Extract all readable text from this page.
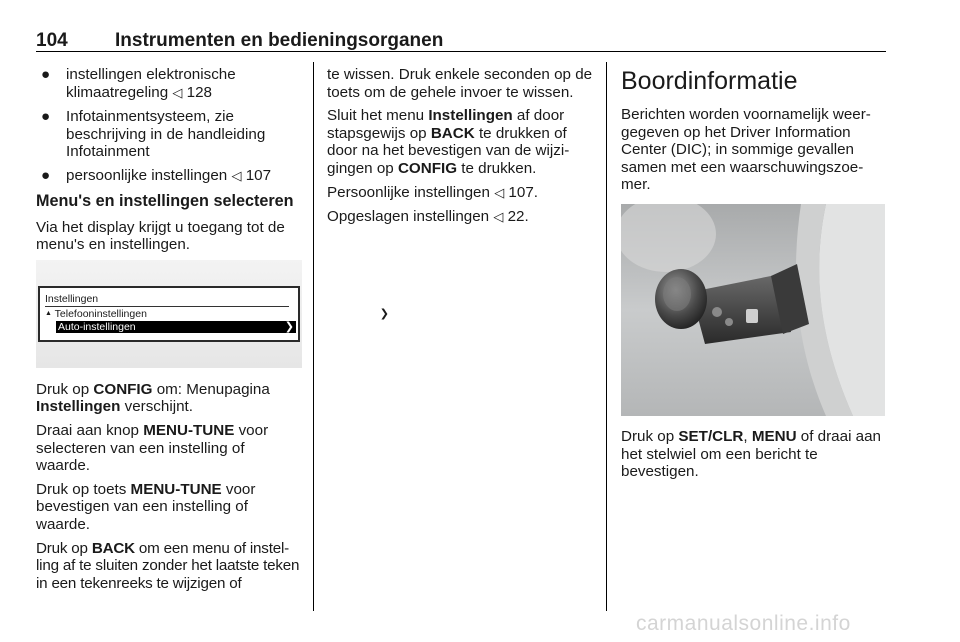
104 Instrumenten en bedieningsorganen
● instellingen elektronische klimaatregeling ◁ 128
● Infotainmentsysteem, zie beschrijving in de handleiding Infotainment
● persoonlijke instellingen ◁ 107
Menu's en instellingen selecteren

Via het display krijgt u toegang tot de menu's en instellingen.

Instellingen
▲ Telefooninstellingen	❯
Auto-instellingen	❯

Druk op CONFIG om: Menupagina Instellingen verschijnt.

Draai aan knop MENU-TUNE voor selecteren van een instelling of waarde.

Druk op toets MENU-TUNE voor bevestigen van een instelling of waarde.

Druk op BACK om een menu of instel-ling af te sluiten zonder het laatste teken in een tekenreeks te wijzigen of

te wissen. Druk enkele seconden op de toets om de gehele invoer te wissen.

Sluit het menu Instellingen af door stapsgewijs op BACK te drukken of door na het bevestigen van de wijzi-gingen op CONFIG te drukken.

Persoonlijke instellingen ◁ 107.

Opgeslagen instellingen ◁ 22.

Boordinformatie

Berichten worden voornamelijk weer-gegeven op het Driver Information Center (DIC); in sommige gevallen samen met een waarschuwingszoe-mer.

Druk op SET/CLR, MENU of draai aan het stelwiel om een bericht te bevestigen.

carmanualsonline.info
